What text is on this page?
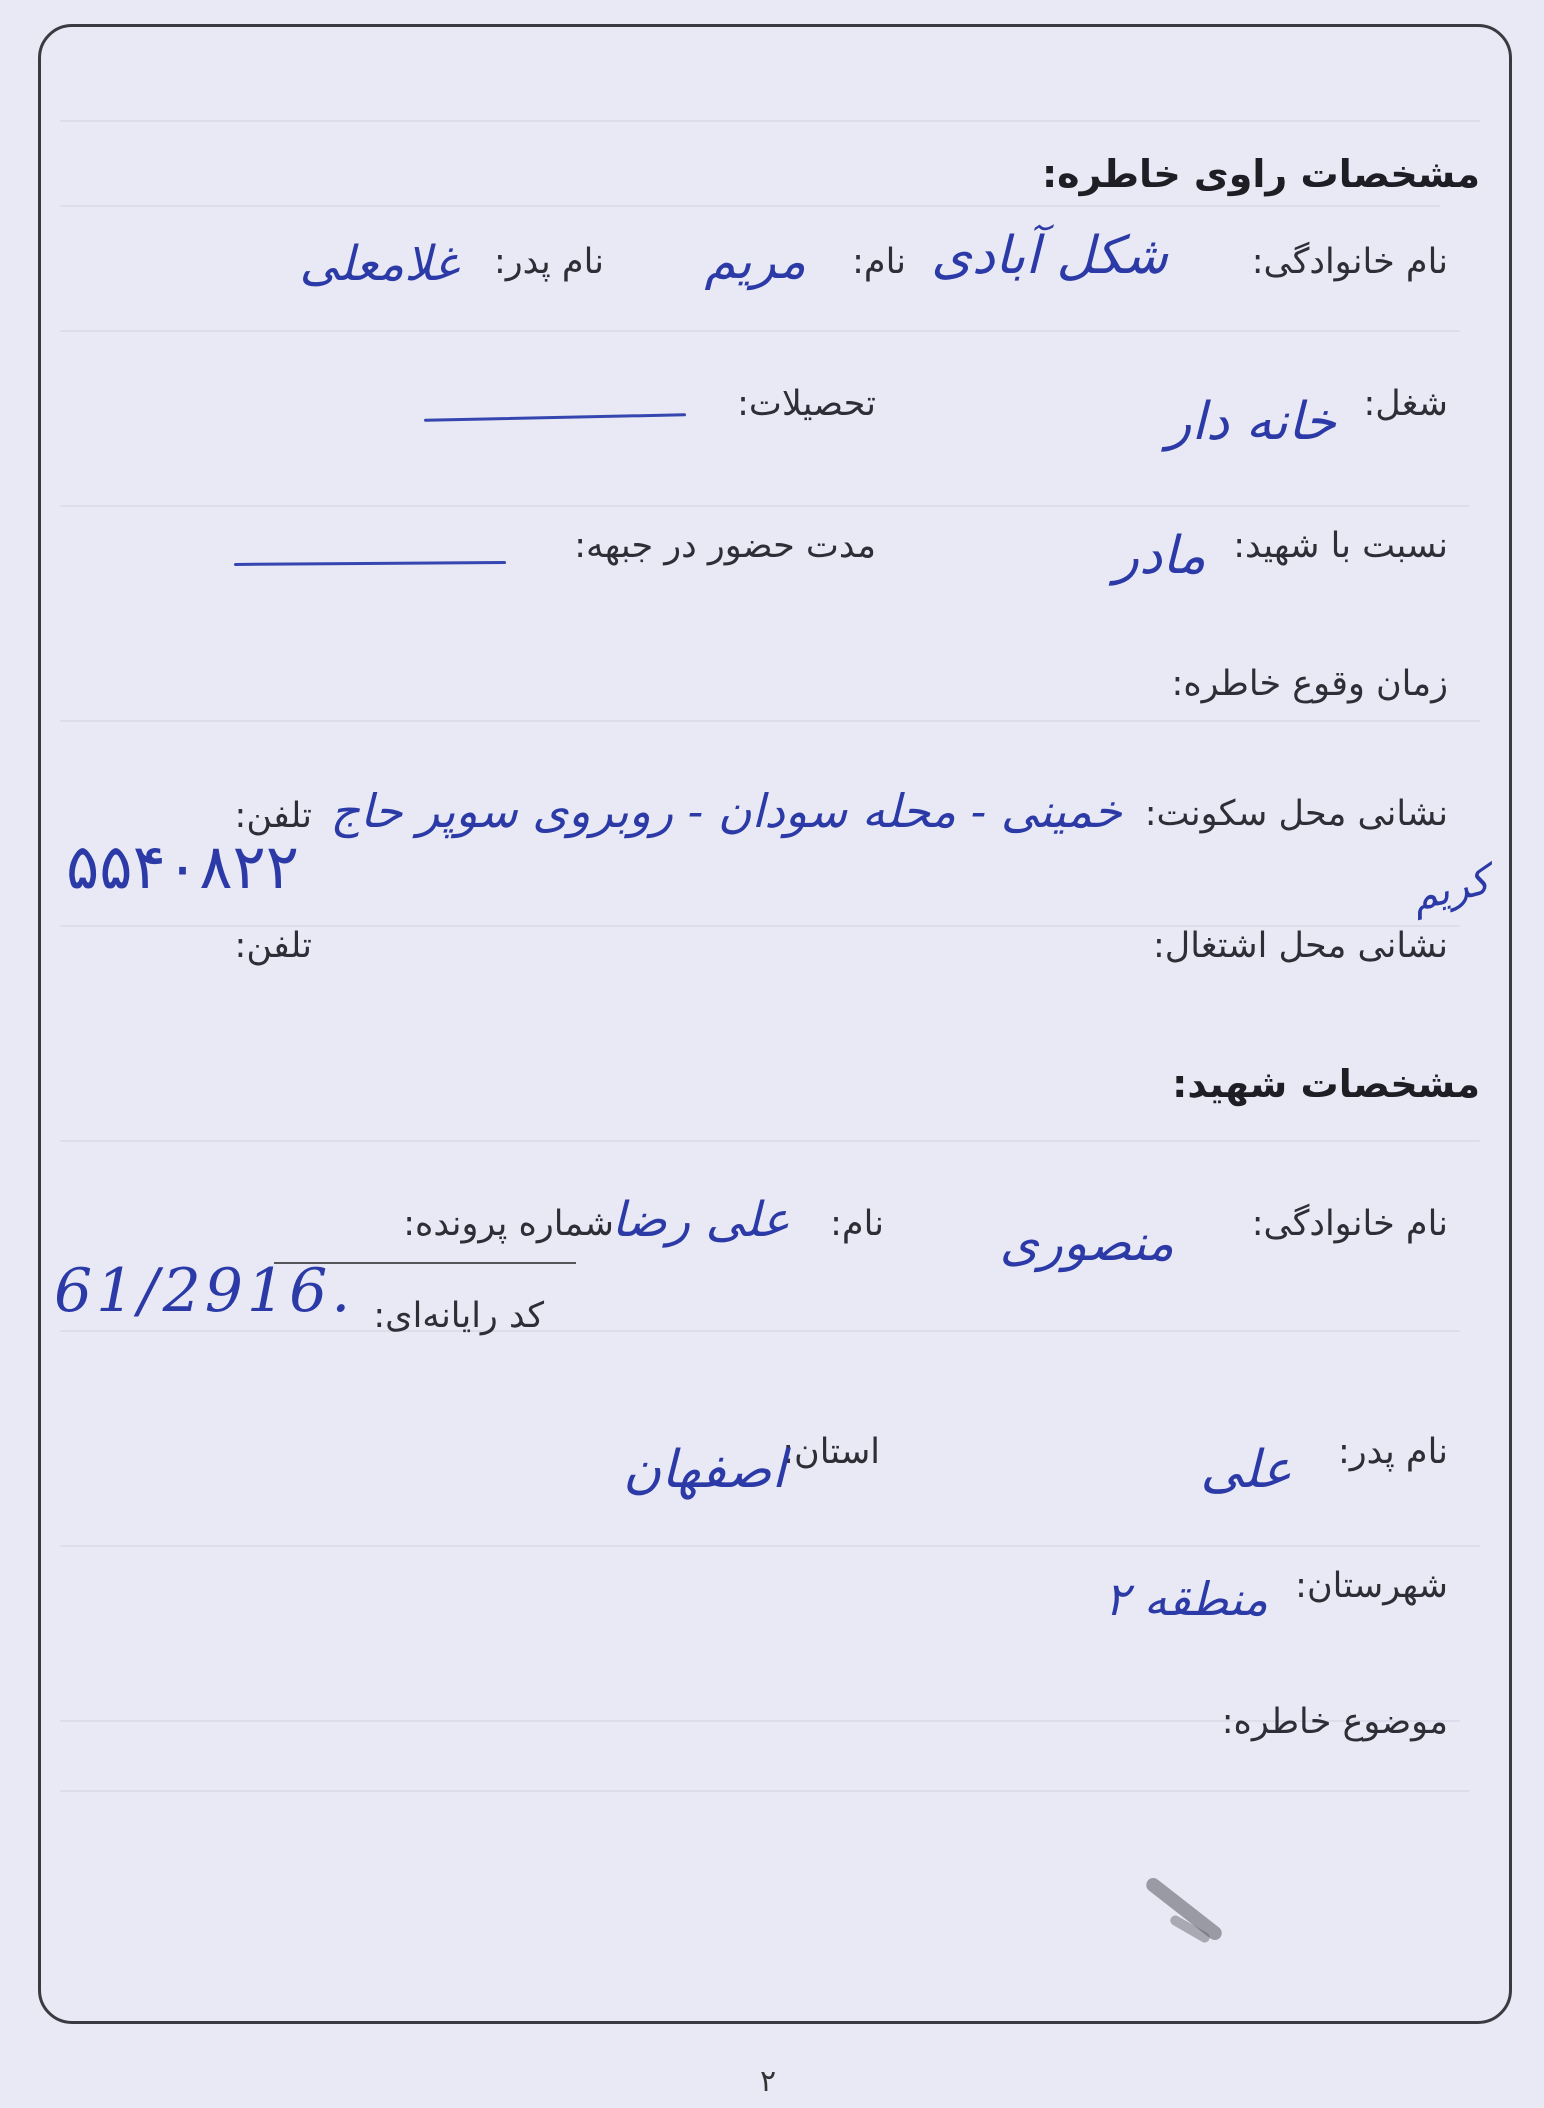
مشخصات راوی خاطره:
نام خانوادگی:
شکل آبادی
نام:
مریم
نام پدر:
غلامعلی
شغل:
خانه دار
تحصیلات:
نسبت با شهید:
مادر
مدت حضور در جبهه:
زمان وقوع خاطره:
نشانی محل سکونت:
خمینی - محله سودان - روبروی سوپر حاج
کریم
تلفن:
۵۵۴۰۸۲۲
نشانی محل اشتغال:
تلفن:
مشخصات شهید:
نام خانوادگی:
منصوری
نام:
علی رضا
شماره پرونده:
کد رایانه‌ای:
61/2916.
نام پدر:
علی
استان:
اصفهان
شهرستان:
منطقه ۲
موضوع خاطره:
۲
